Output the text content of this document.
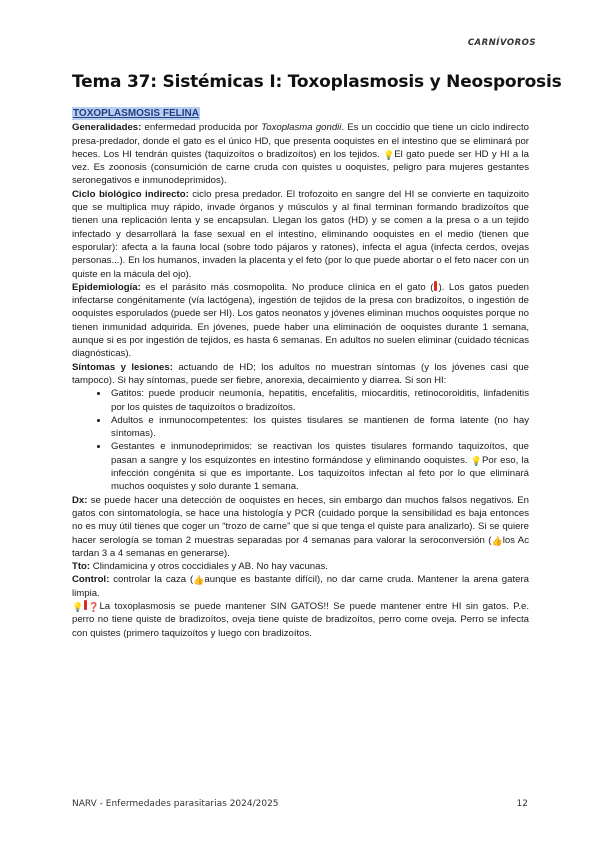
CARNÍVOROS
Tema 37: Sistémicas I: Toxoplasmosis y Neosporosis
TOXOPLASMOSIS FELINA

Generalidades: enfermedad producida por Toxoplasma gondii. Es un coccidio que tiene un ciclo indirecto presa-predador, donde el gato es el único HD, que presenta ooquistes en el intestino que se eliminará por heces. Los HI tendrán quistes (taquizoítos o bradizoítos) en los tejidos. 💡El gato puede ser HD y HI a la vez. Es zoonosis (consumición de carne cruda con quistes u ooquistes, peligro para mujeres gestantes seronegativos e inmunodeprimidos).

Ciclo biológico indirecto: ciclo presa predador. El trofozoito en sangre del HI se convierte en taquizoito que se multiplica muy rápido, invade órganos y músculos y al final terminan formando bradizoítos que tienen una replicación lenta y se encapsulan. Llegan los gatos (HD) y se comen a la presa o a un tejido infectado y desarrollará la fase sexual en el intestino, eliminando ooquistes en el medio (tienen que esporular): afecta a la fauna local (sobre todo pájaros y ratones), infecta el agua (infecta cerdos, ovejas personas...). En los humanos, invaden la placenta y el feto (por lo que puede abortar o el feto nacer con un quiste en la mácula del ojo).

Epidemiología: es el parásito más cosmopolita. No produce clínica en el gato ( ). Los gatos pueden infectarse congénitamente (vía lactógena), ingestión de tejidos de la presa con bradizoítos, o ingestión de ooquistes esporulados (puede ser HI). Los gatos neonatos y jóvenes eliminan muchos ooquistes porque no tienen inmunidad adquirida. En jóvenes, puede haber una eliminación de ooquistes durante 1 semana, aunque si es por ingestión de tejidos, es hasta 6 semanas. En adultos no suelen eliminar (cuidado técnicas diagnósticas).

Síntomas y lesiones: actuando de HD; los adultos no muestran síntomas (y los jóvenes casi que tampoco). Si hay síntomas, puede ser fiebre, anorexia, decaimiento y diarrea. Si son HI:

• Gatitos: puede producir neumonía, hepatitis, encefalitis, miocarditis, retinocoroiditis, linfadenitis por los quistes de taquizoítos o bradizoítos.
• Adultos e inmunocompetentes: los quistes tisulares se mantienen de forma latente (no hay síntomas).
• Gestantes e inmunodeprimidos: se reactivan los quistes tisulares formando taquizoítos, que pasan a sangre y los esquizontes en intestino formándose y eliminando ooquistes. 💡Por eso, la infección congénita si que es importante. Los taquizoítos infectan al feto por lo que eliminará muchos ooquistes y solo durante 1 semana.

Dx: se puede hacer una detección de ooquistes en heces, sin embargo dan muchos falsos negativos. En gatos con sintomatología, se hace una histología y PCR (cuidado porque la sensibilidad es baja entonces no es muy útil tienes que coger un “trozo de carne” que si que tenga el quiste para analizarlo). Si se quiere hacer serología se toman 2 muestras separadas por 4 semanas para valorar la seroconversión (👍los Ac tardan 3 a 4 semanas en generarse).

Tto: Clindamicina y otros coccidiales y AB. No hay vacunas.

Control: controlar la caza (👍aunque es bastante difícil), no dar carne cruda. Mantener la arena gatera limpia.

💡 ❓La toxoplasmosis se puede mantener SIN GATOS!! Se puede mantener entre HI sin gatos. P.e. perro no tiene quiste de bradizoítos, oveja tiene quiste de bradizoítos, perro come oveja. Perro se infecta con quistes (primero taquizoítos y luego con bradizoítos.

NARV - Enfermedades parasitarias 2024/2025	12
